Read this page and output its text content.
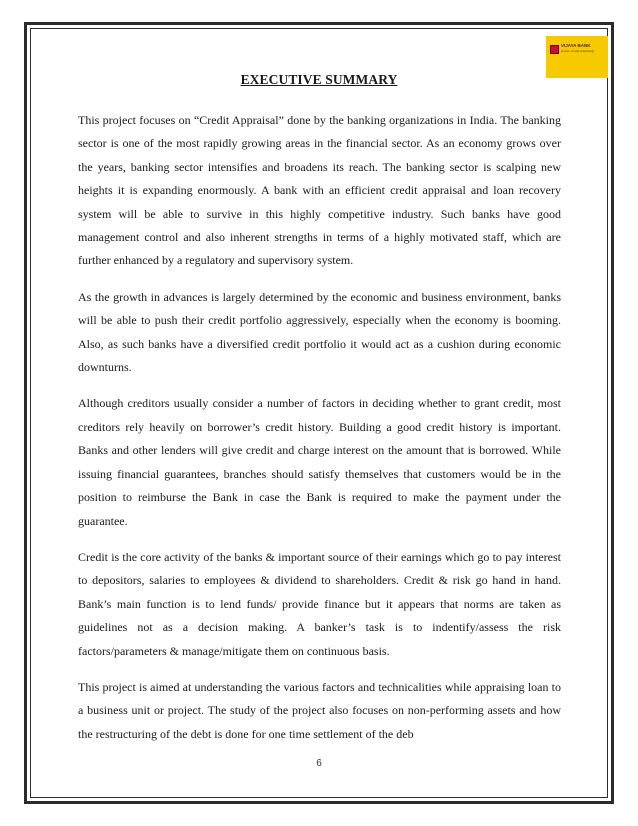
VIJAYA BANK
(A Govt. of India Undertaking)
EXECUTIVE SUMMARY

This project focuses on “Credit Appraisal” done by the banking organizations in India. The banking sector is one of the most rapidly growing areas in the financial sector. As an economy grows over the years, banking sector intensifies and broadens its reach. The banking sector is scalping new heights it is expanding enormously. A bank with an efficient credit appraisal and loan recovery system will be able to survive in this highly competitive industry. Such banks have good management control and also inherent strengths in terms of a highly motivated staff, which are further enhanced by a regulatory and supervisory system.

As the growth in advances is largely determined by the economic and business environment, banks will be able to push their credit portfolio aggressively, especially when the economy is booming. Also, as such banks have a diversified credit portfolio it would act as a cushion during economic downturns.

Although creditors usually consider a number of factors in deciding whether to grant credit, most creditors rely heavily on borrower’s credit history. Building a good credit history is important. Banks and other lenders will give credit and charge interest on the amount that is borrowed. While issuing financial guarantees, branches should satisfy themselves that customers would be in the position to reimburse the Bank in case the Bank is required to make the payment under the guarantee.

Credit is the core activity of the banks & important source of their earnings which go to pay interest to depositors, salaries to employees & dividend to shareholders. Credit & risk go hand in hand. Bank’s main function is to lend funds/ provide finance but it appears that norms are taken as guidelines not as a decision making. A banker’s task is to indentify/assess the risk factors/parameters & manage/mitigate them on continuous basis.

This project is aimed at understanding the various factors and technicalities while appraising loan to a business unit or project. The study of the project also focuses on non-performing assets and how the restructuring of the debt is done for one time settlement of the deb

6
